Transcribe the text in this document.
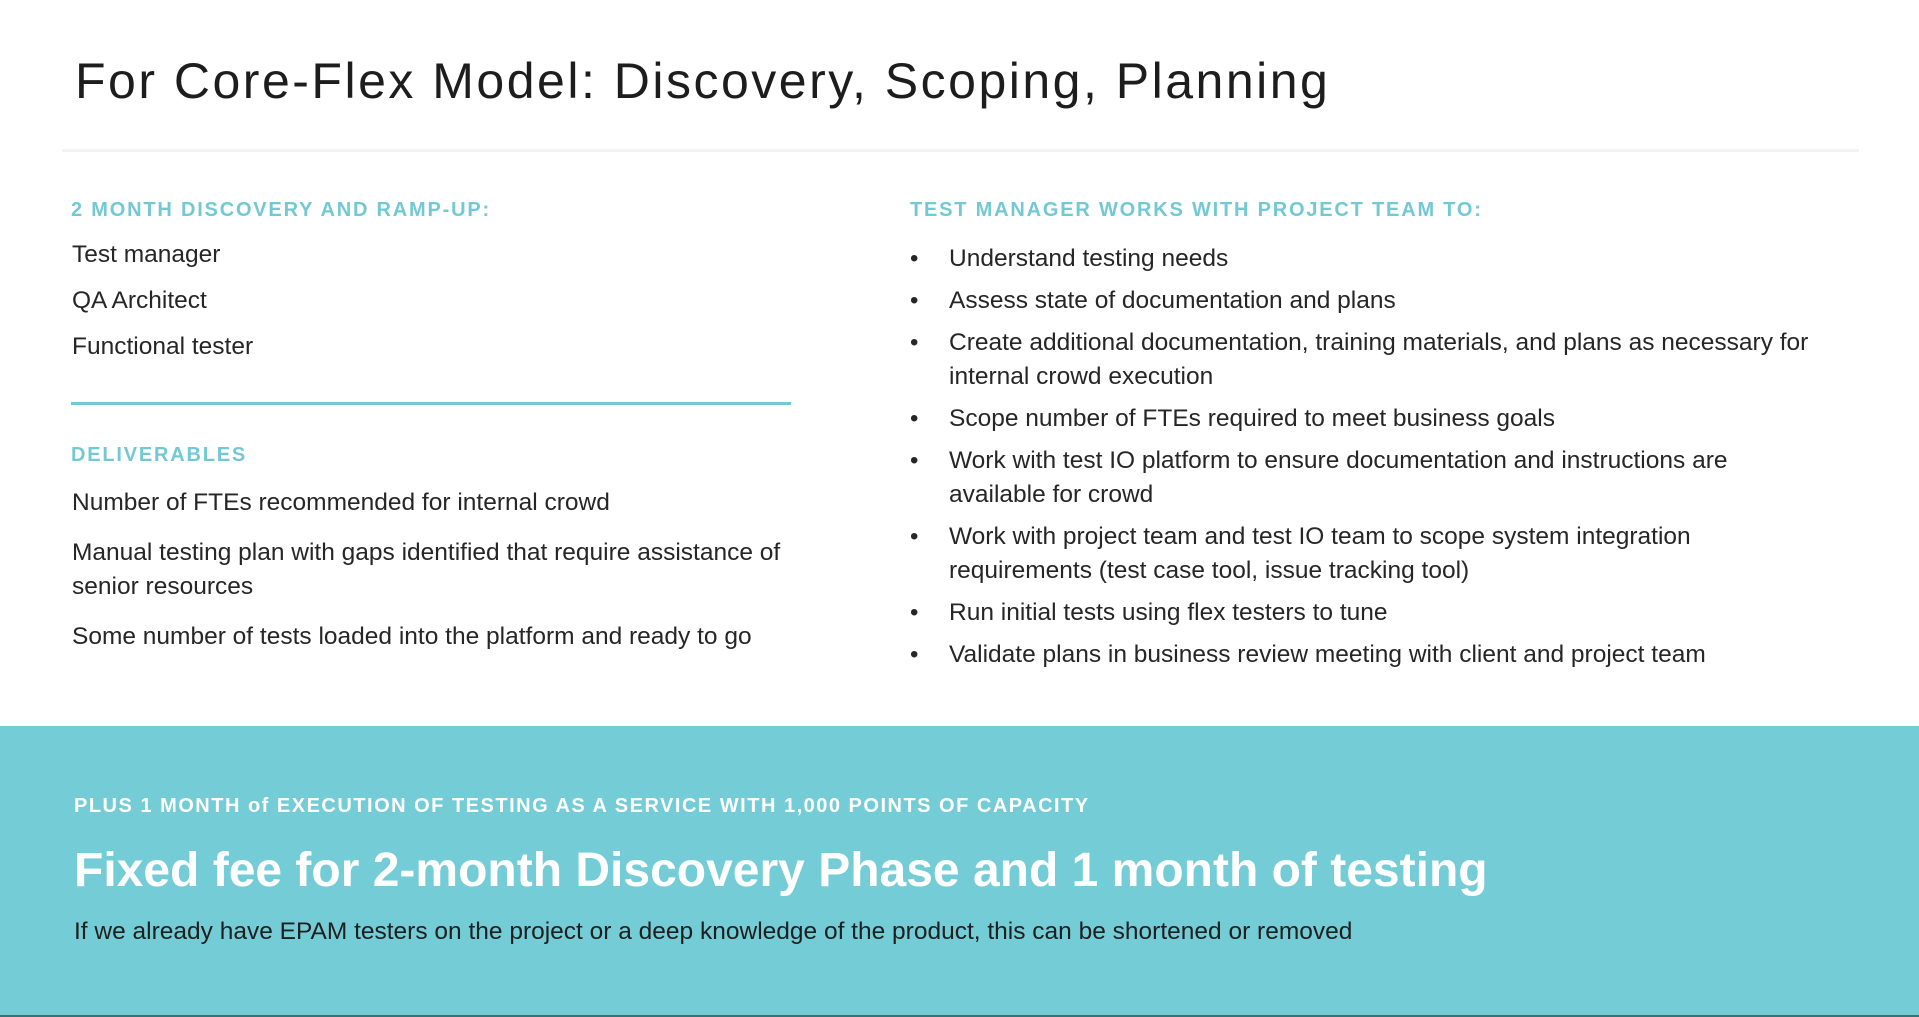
For Core-Flex Model: Discovery, Scoping, Planning
2 MONTH DISCOVERY AND RAMP-UP:
Test manager
QA Architect
Functional tester
DELIVERABLES
Number of FTEs recommended for internal crowd
Manual testing plan with gaps identified that require assistance of senior resources
Some number of tests loaded into the platform and ready to go
TEST MANAGER WORKS WITH PROJECT TEAM TO:
•	Understand testing needs
•	Assess state of documentation and plans
•	Create additional documentation, training materials, and plans as necessary for internal crowd execution
•	Scope number of FTEs required to meet business goals
•	Work with test IO platform to ensure documentation and instructions are available for crowd
•	Work with project team and test IO team to scope system integration requirements (test case tool, issue tracking tool)
•	Run initial tests using flex testers to tune
•	Validate plans in business review meeting with client and project team
PLUS 1 MONTH of EXECUTION OF TESTING AS A SERVICE WITH 1,000 POINTS OF CAPACITY
Fixed fee for 2-month Discovery Phase and 1 month of testing
If we already have EPAM testers on the project or a deep knowledge of the product, this can be shortened or removed
